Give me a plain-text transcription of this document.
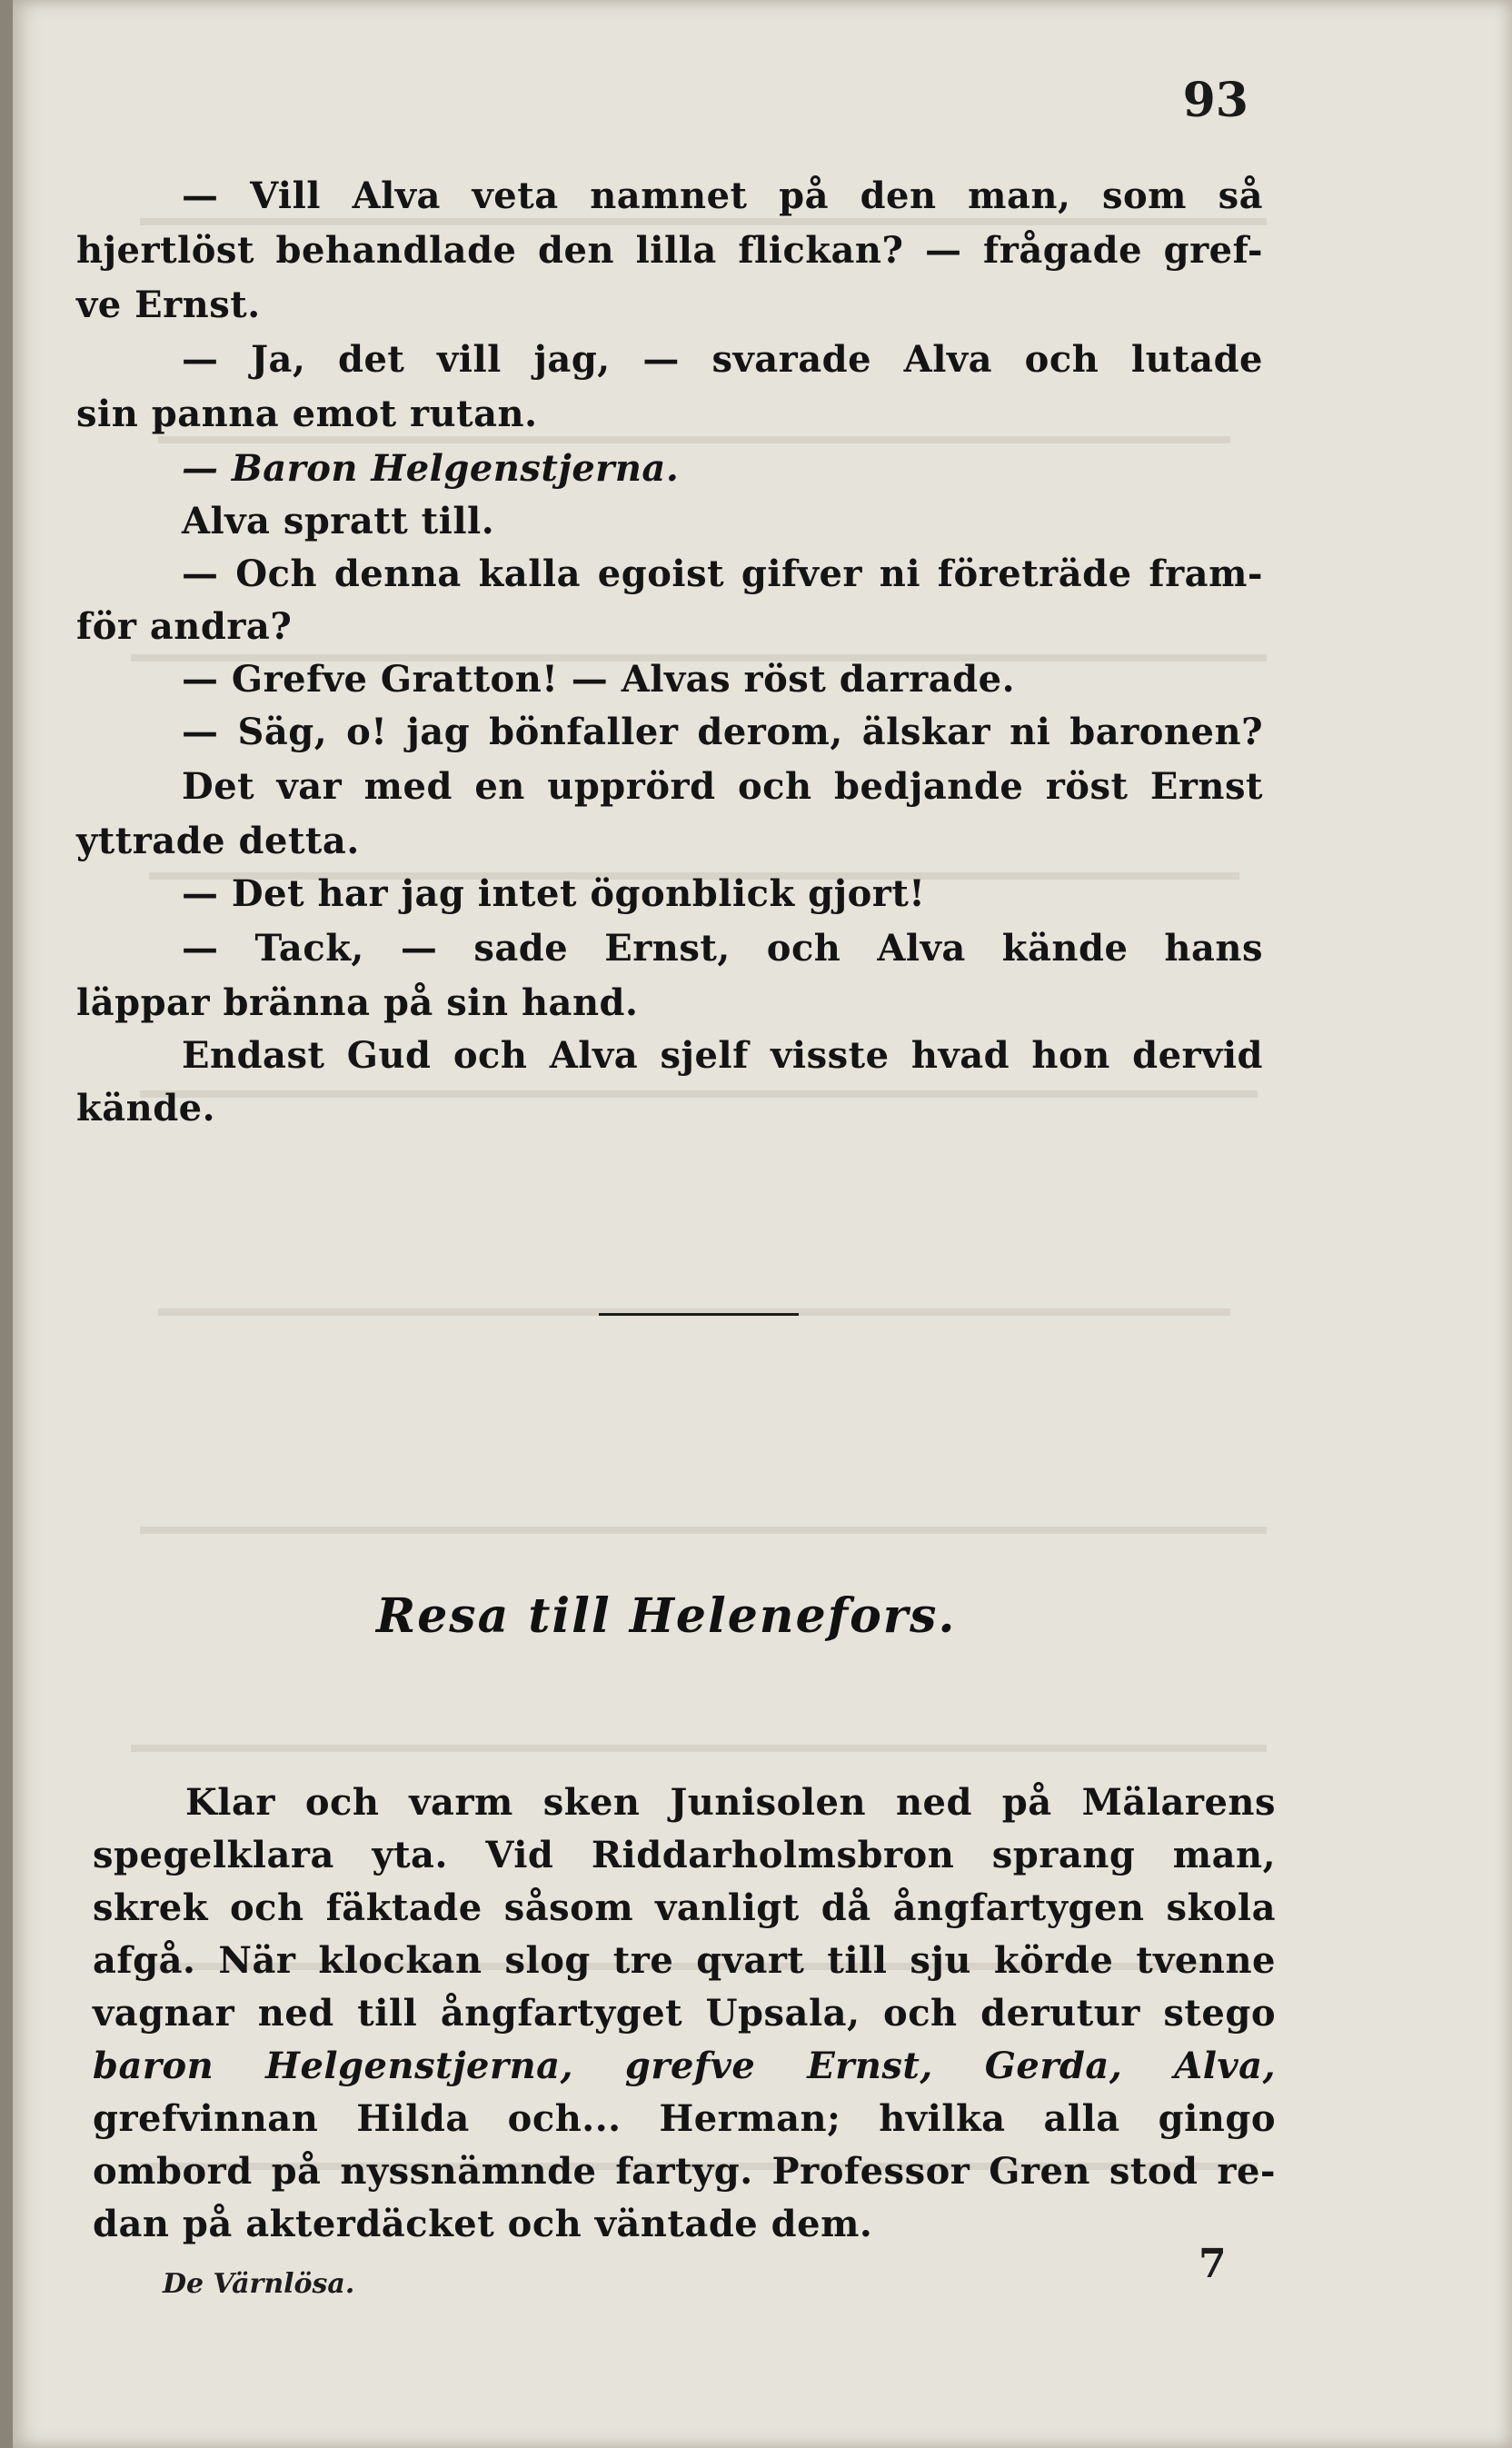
93
— Vill Alva veta namnet på den man, som så
hjertlöst behandlade den lilla flickan? — frågade gref-
ve Ernst.
— Ja, det vill jag, — svarade Alva och lutade
sin panna emot rutan.
— Baron Helgenstjerna.
Alva spratt till.
— Och denna kalla egoist gifver ni företräde fram-
för andra?
— Grefve Gratton! — Alvas röst darrade.
— Säg, o! jag bönfaller derom, älskar ni baronen?
Det var med en upprörd och bedjande röst Ernst
yttrade detta.
— Det har jag intet ögonblick gjort!
— Tack, — sade Ernst, och Alva kände hans
läppar bränna på sin hand.
Endast Gud och Alva sjelf visste hvad hon dervid
kände.
Resa till Helenefors.
Klar och varm sken Junisolen ned på Mälarens
spegelklara yta. Vid Riddarholmsbron sprang man,
skrek och fäktade såsom vanligt då ångfartygen skola
afgå. När klockan slog tre qvart till sju körde tvenne
vagnar ned till ångfartyget Upsala, och derutur stego
baron Helgenstjerna, grefve Ernst, Gerda, Alva,
grefvinnan Hilda och... Herman; hvilka alla gingo
ombord på nyssnämnde fartyg. Professor Gren stod re-
dan på akterdäcket och väntade dem.
De Värnlösa.	7
